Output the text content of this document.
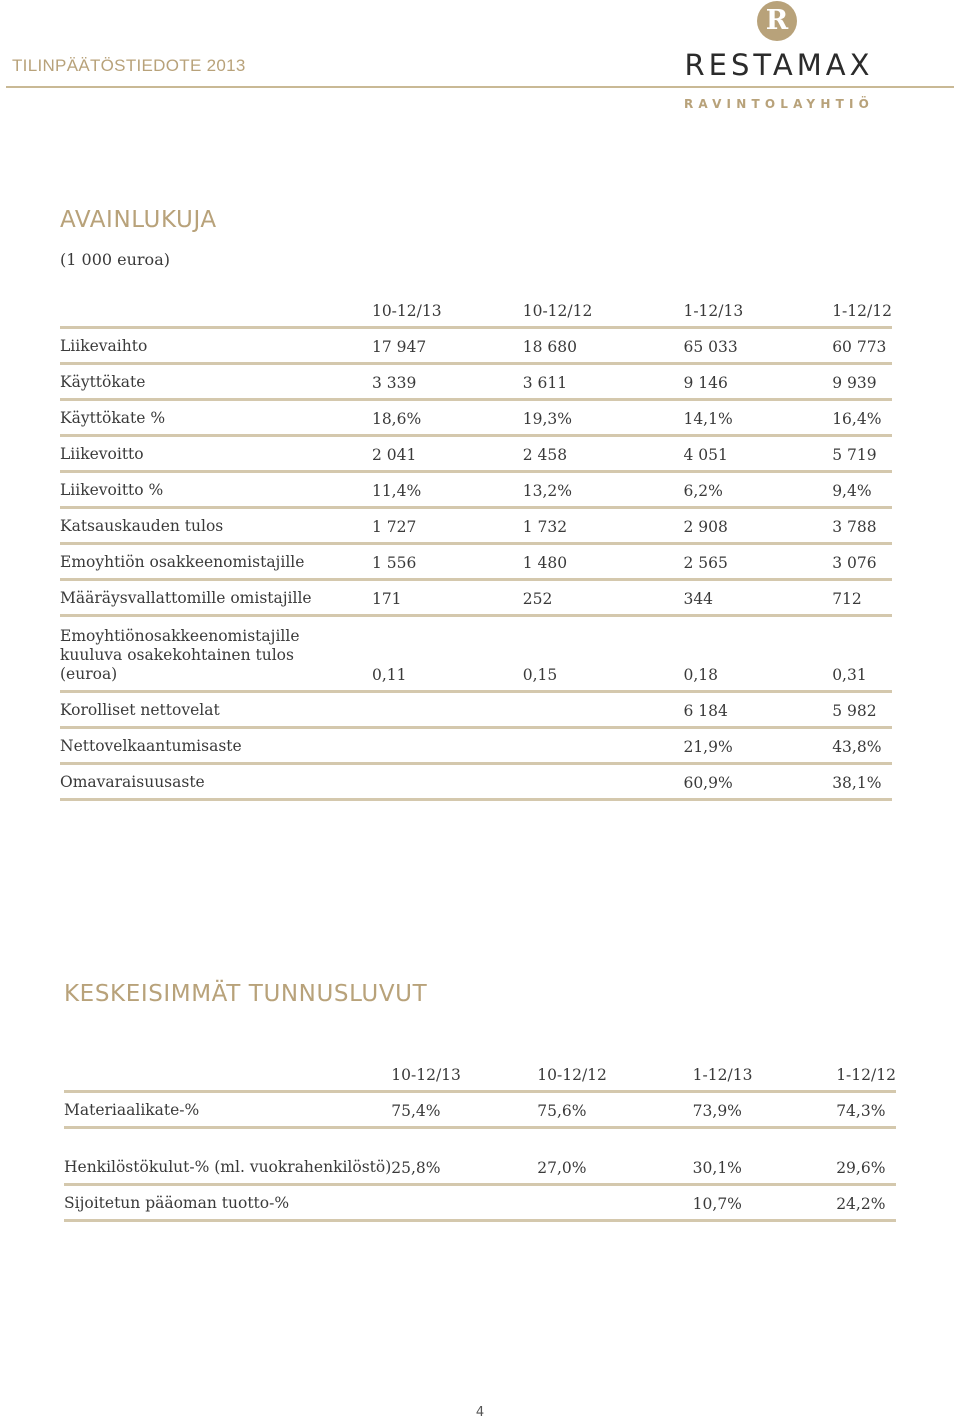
TILINPÄÄTÖSTIEDOTE 2013
R
RESTAMAX
RAVINTOLAYHTIÖ
AVAINLUKUJA

(1 000 euroa)

	10-12/13	10-12/12	1-12/13	1-12/12
Liikevaihto	17 947	18 680	65 033	60 773
Käyttökate	3 339	3 611	9 146	9 939
Käyttökate %	18,6%	19,3%	14,1%	16,4%
Liikevoitto	2 041	2 458	4 051	5 719
Liikevoitto %	11,4%	13,2%	6,2%	9,4%
Katsauskauden tulos	1 727	1 732	2 908	3 788
Emoyhtiön osakkeenomistajille	1 556	1 480	2 565	3 076
Määräysvallattomille omistajille	171	252	344	712
Emoyhtiönosakkeenomistajille kuuluva osakekohtainen tulos (euroa)	0,11	0,15	0,18	0,31
Korolliset nettovelat			6 184	5 982
Nettovelkaantumisaste			21,9%	43,8%
Omavaraisuusaste			60,9%	38,1%
KESKEISIMMÄT TUNNUSLUVUT
	10-12/13	10-12/12	1-12/13	1-12/12
Materiaalikate-%	75,4%	75,6%	73,9%	74,3%
Henkilöstökulut-% (ml. vuokrahenkilöstö)	25,8%	27,0%	30,1%	29,6%
Sijoitetun pääoman tuotto-%			10,7%	24,2%
4
